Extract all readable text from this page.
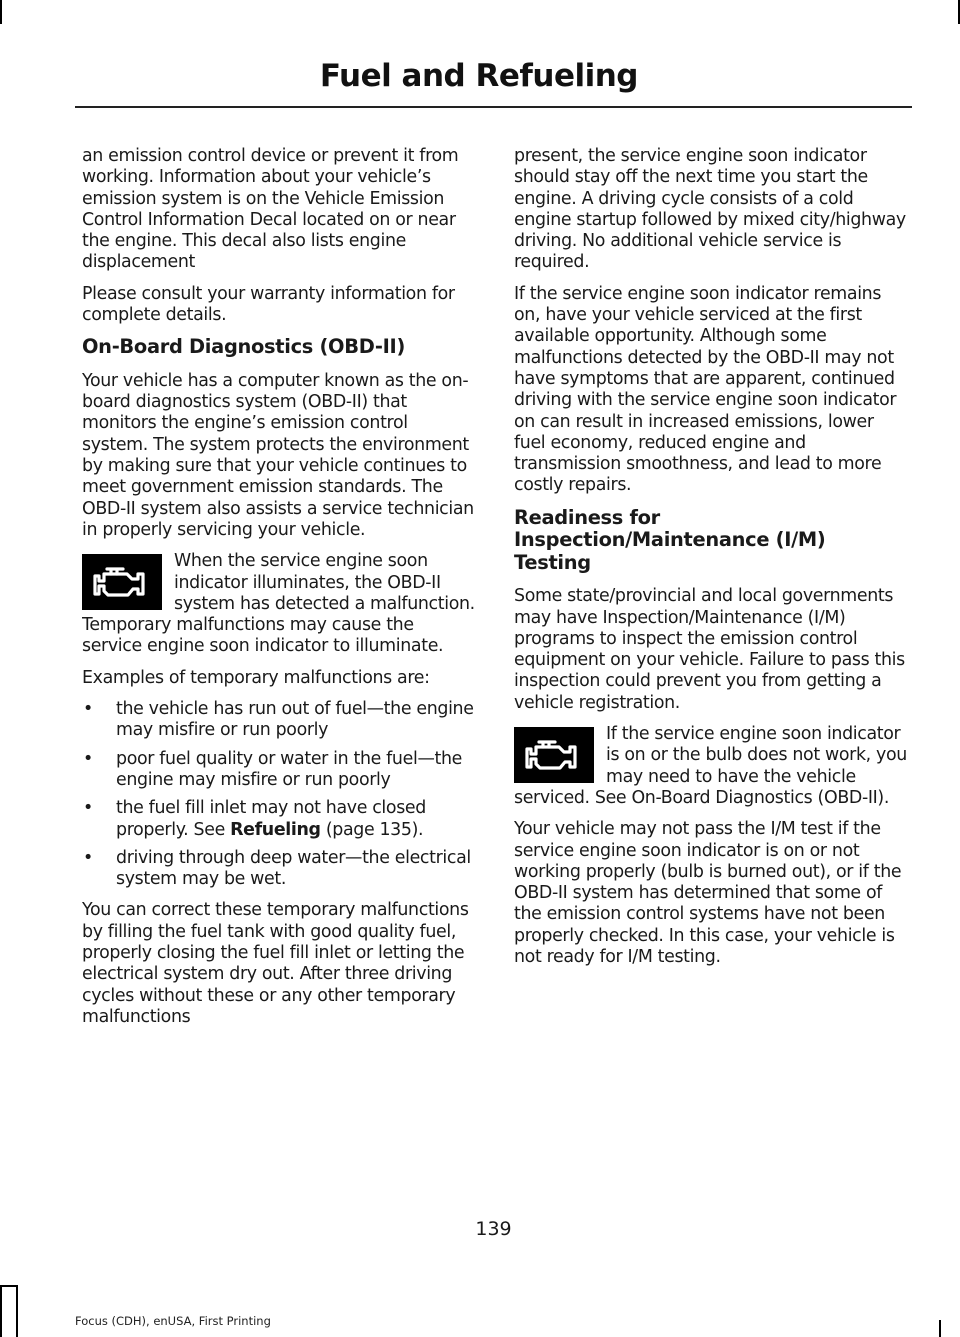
Fuel and Refueling

an emission control device or prevent it from working. Information about your vehicle’s emission system is on the Vehicle Emission Control Information Decal located on or near the engine. This decal also lists engine displacement

Please consult your warranty information for complete details.

On-Board Diagnostics (OBD-II)

Your vehicle has a computer known as the on-board diagnostics system (OBD-II) that monitors the engine’s emission control system. The system protects the environment by making sure that your vehicle continues to meet government emission standards. The OBD-II system also assists a service technician in properly servicing your vehicle.

When the service engine soon indicator illuminates, the OBD-II system has detected a malfunction. Temporary malfunctions may cause the service engine soon indicator to illuminate.

Examples of temporary malfunctions are:

• the vehicle has run out of fuel—the engine may misfire or run poorly
• poor fuel quality or water in the fuel—the engine may misfire or run poorly
• the fuel fill inlet may not have closed properly. See Refueling (page 135).
• driving through deep water—the electrical system may be wet.

You can correct these temporary malfunctions by filling the fuel tank with good quality fuel, properly closing the fuel fill inlet or letting the electrical system dry out. After three driving cycles without these or any other temporary malfunctions

present, the service engine soon indicator should stay off the next time you start the engine. A driving cycle consists of a cold engine startup followed by mixed city/highway driving. No additional vehicle service is required.

If the service engine soon indicator remains on, have your vehicle serviced at the first available opportunity. Although some malfunctions detected by the OBD-II may not have symptoms that are apparent, continued driving with the service engine soon indicator on can result in increased emissions, lower fuel economy, reduced engine and transmission smoothness, and lead to more costly repairs.

Readiness for Inspection/Maintenance (I/M) Testing

Some state/provincial and local governments may have Inspection/Maintenance (I/M) programs to inspect the emission control equipment on your vehicle. Failure to pass this inspection could prevent you from getting a vehicle registration.

If the service engine soon indicator is on or the bulb does not work, you may need to have the vehicle serviced. See On-Board Diagnostics (OBD-II).

Your vehicle may not pass the I/M test if the service engine soon indicator is on or not working properly (bulb is burned out), or if the OBD-II system has determined that some of the emission control systems have not been properly checked. In this case, your vehicle is not ready for I/M testing.

139
Focus (CDH), enUSA, First Printing
